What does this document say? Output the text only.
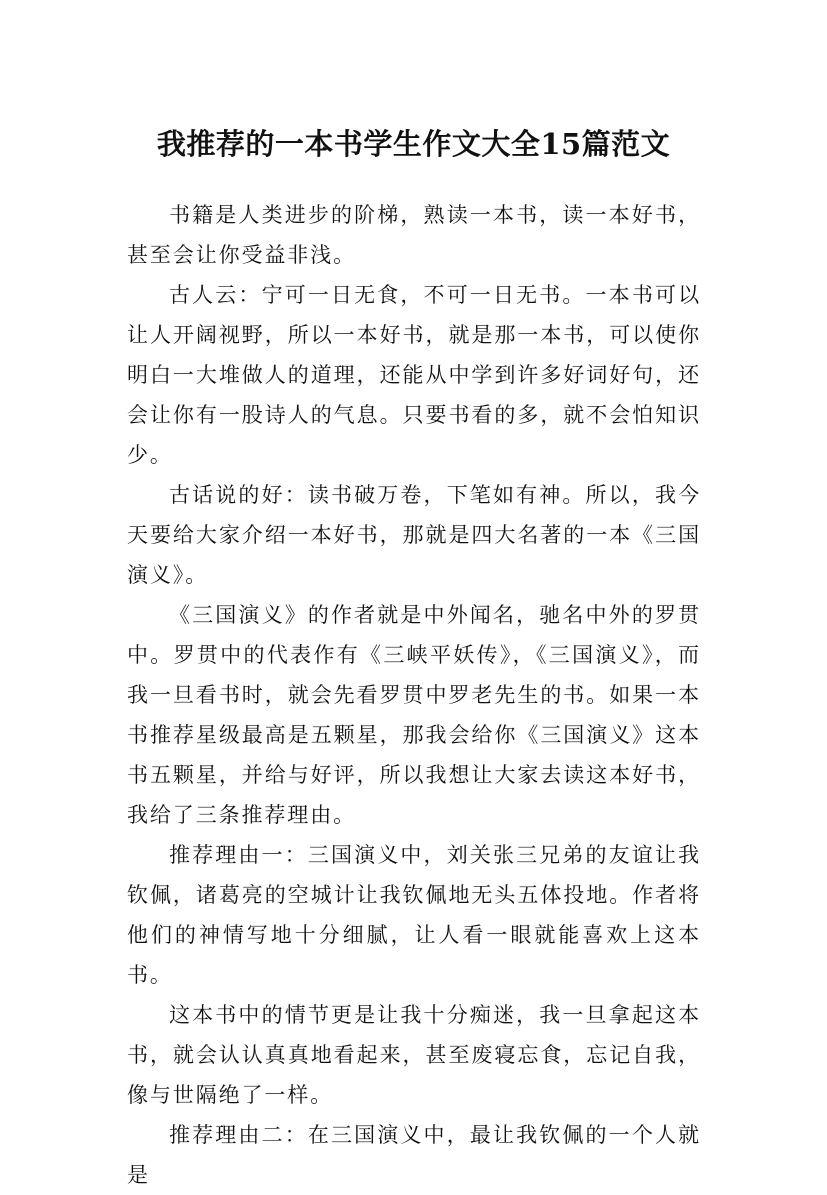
我推荐的一本书学生作文大全15篇范文

书籍是人类进步的阶梯，熟读一本书，读一本好书，甚至会让你受益非浅。

古人云：宁可一日无食，不可一日无书。一本书可以让人开阔视野，所以一本好书，就是那一本书，可以使你明白一大堆做人的道理，还能从中学到许多好词好句，还会让你有一股诗人的气息。只要书看的多，就不会怕知识少。

古话说的好：读书破万卷，下笔如有神。所以，我今天要给大家介绍一本好书，那就是四大名著的一本《三国演义》。

《三国演义》的作者就是中外闻名，驰名中外的罗贯中。罗贯中的代表作有《三峡平妖传》，《三国演义》，而我一旦看书时，就会先看罗贯中罗老先生的书。如果一本书推荐星级最高是五颗星，那我会给你《三国演义》这本书五颗星，并给与好评，所以我想让大家去读这本好书，我给了三条推荐理由。

推荐理由一：三国演义中，刘关张三兄弟的友谊让我钦佩，诸葛亮的空城计让我钦佩地无头五体投地。作者将他们的神情写地十分细腻，让人看一眼就能喜欢上这本书。

这本书中的情节更是让我十分痴迷，我一旦拿起这本书，就会认认真真地看起来，甚至废寝忘食，忘记自我，像与世隔绝了一样。

推荐理由二：在三国演义中，最让我钦佩的一个人就是
